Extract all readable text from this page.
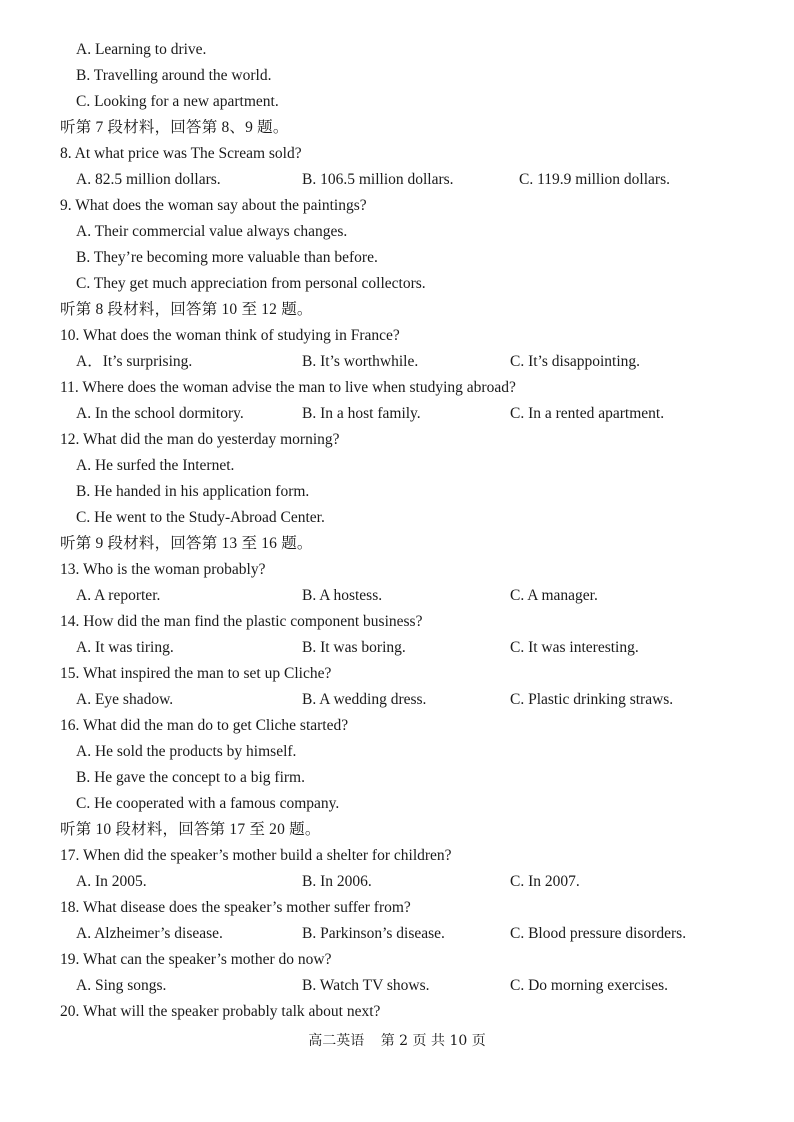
A. Learning to drive.
B. Travelling around the world.
C. Looking for a new apartment.
听第 7 段材料，回答第 8、9 题。
8. At what price was The Scream sold?
A. 82.5 million dollars.	B. 106.5 million dollars.	C. 119.9 million dollars.
9. What does the woman say about the paintings?
A. Their commercial value always changes.
B. They’re becoming more valuable than before.
C. They get much appreciation from personal collectors.
听第 8 段材料，回答第 10 至 12 题。
10. What does the woman think of studying in France?
A．It’s surprising.	B. It’s worthwhile.	C. It’s disappointing.
11. Where does the woman advise the man to live when studying abroad?
A. In the school dormitory.	B. In a host family.	C. In a rented apartment.
12. What did the man do yesterday morning?
A. He surfed the Internet.
B. He handed in his application form.
C. He went to the Study-Abroad Center.
听第 9 段材料，回答第 13 至 16 题。
13. Who is the woman probably?
A. A reporter.	B. A hostess.	C. A manager.
14. How did the man find the plastic component business?
A. It was tiring.	B. It was boring.	C. It was interesting.
15. What inspired the man to set up Cliche?
A. Eye shadow.	B. A wedding dress.	C. Plastic drinking straws.
16. What did the man do to get Cliche started?
A. He sold the products by himself.
B. He gave the concept to a big firm.
C. He cooperated with a famous company.
听第 10 段材料，回答第 17 至 20 题。
17. When did the speaker’s mother build a shelter for children?
A. In 2005.	B. In 2006.	C. In 2007.
18. What disease does the speaker’s mother suffer from?
A. Alzheimer’s disease.	B. Parkinson’s disease.	C. Blood pressure disorders.
19. What can the speaker’s mother do now?
A. Sing songs.	B. Watch TV shows.	C. Do morning exercises.
20. What will the speaker probably talk about next?
高二英语 第 2 页 共 10 页
